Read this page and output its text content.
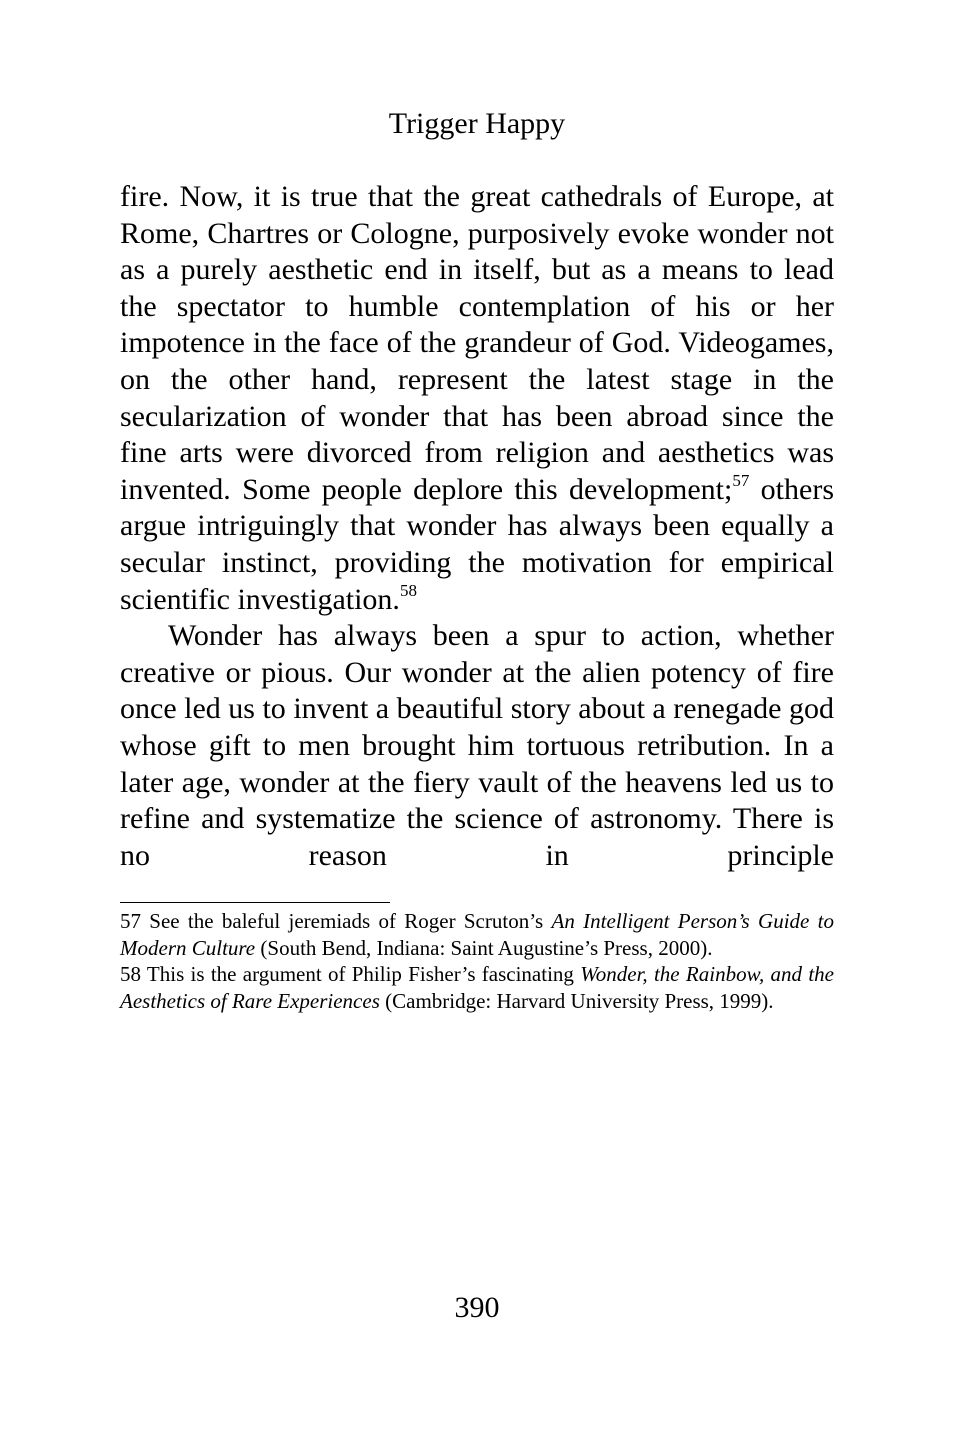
Trigger Happy

fire. Now, it is true that the great cathedrals of Europe, at Rome, Chartres or Cologne, purposively evoke wonder not as a purely aesthetic end in itself, but as a means to lead the spectator to humble contemplation of his or her impotence in the face of the grandeur of God. Videogames, on the other hand, represent the latest stage in the secularization of wonder that has been abroad since the fine arts were divorced from religion and aesthetics was invented. Some people deplore this development;$^{57}$ others argue intriguingly that wonder has always been equally a secular instinct, providing the motivation for empirical scientific investigation.$^{58}$

Wonder has always been a spur to action, whether creative or pious. Our wonder at the alien potency of fire once led us to invent a beautiful story about a renegade god whose gift to men brought him tortuous retribution. In a later age, wonder at the fiery vault of the heavens led us to refine and systematize the science of astronomy. There is no reason in principle

57 See the baleful jeremiads of Roger Scruton’s An Intelligent Person’s Guide to Modern Culture (South Bend, Indiana: Saint Augustine’s Press, 2000).

58 This is the argument of Philip Fisher’s fascinating Wonder, the Rainbow, and the Aesthetics of Rare Experiences (Cambridge: Harvard University Press, 1999).

390
